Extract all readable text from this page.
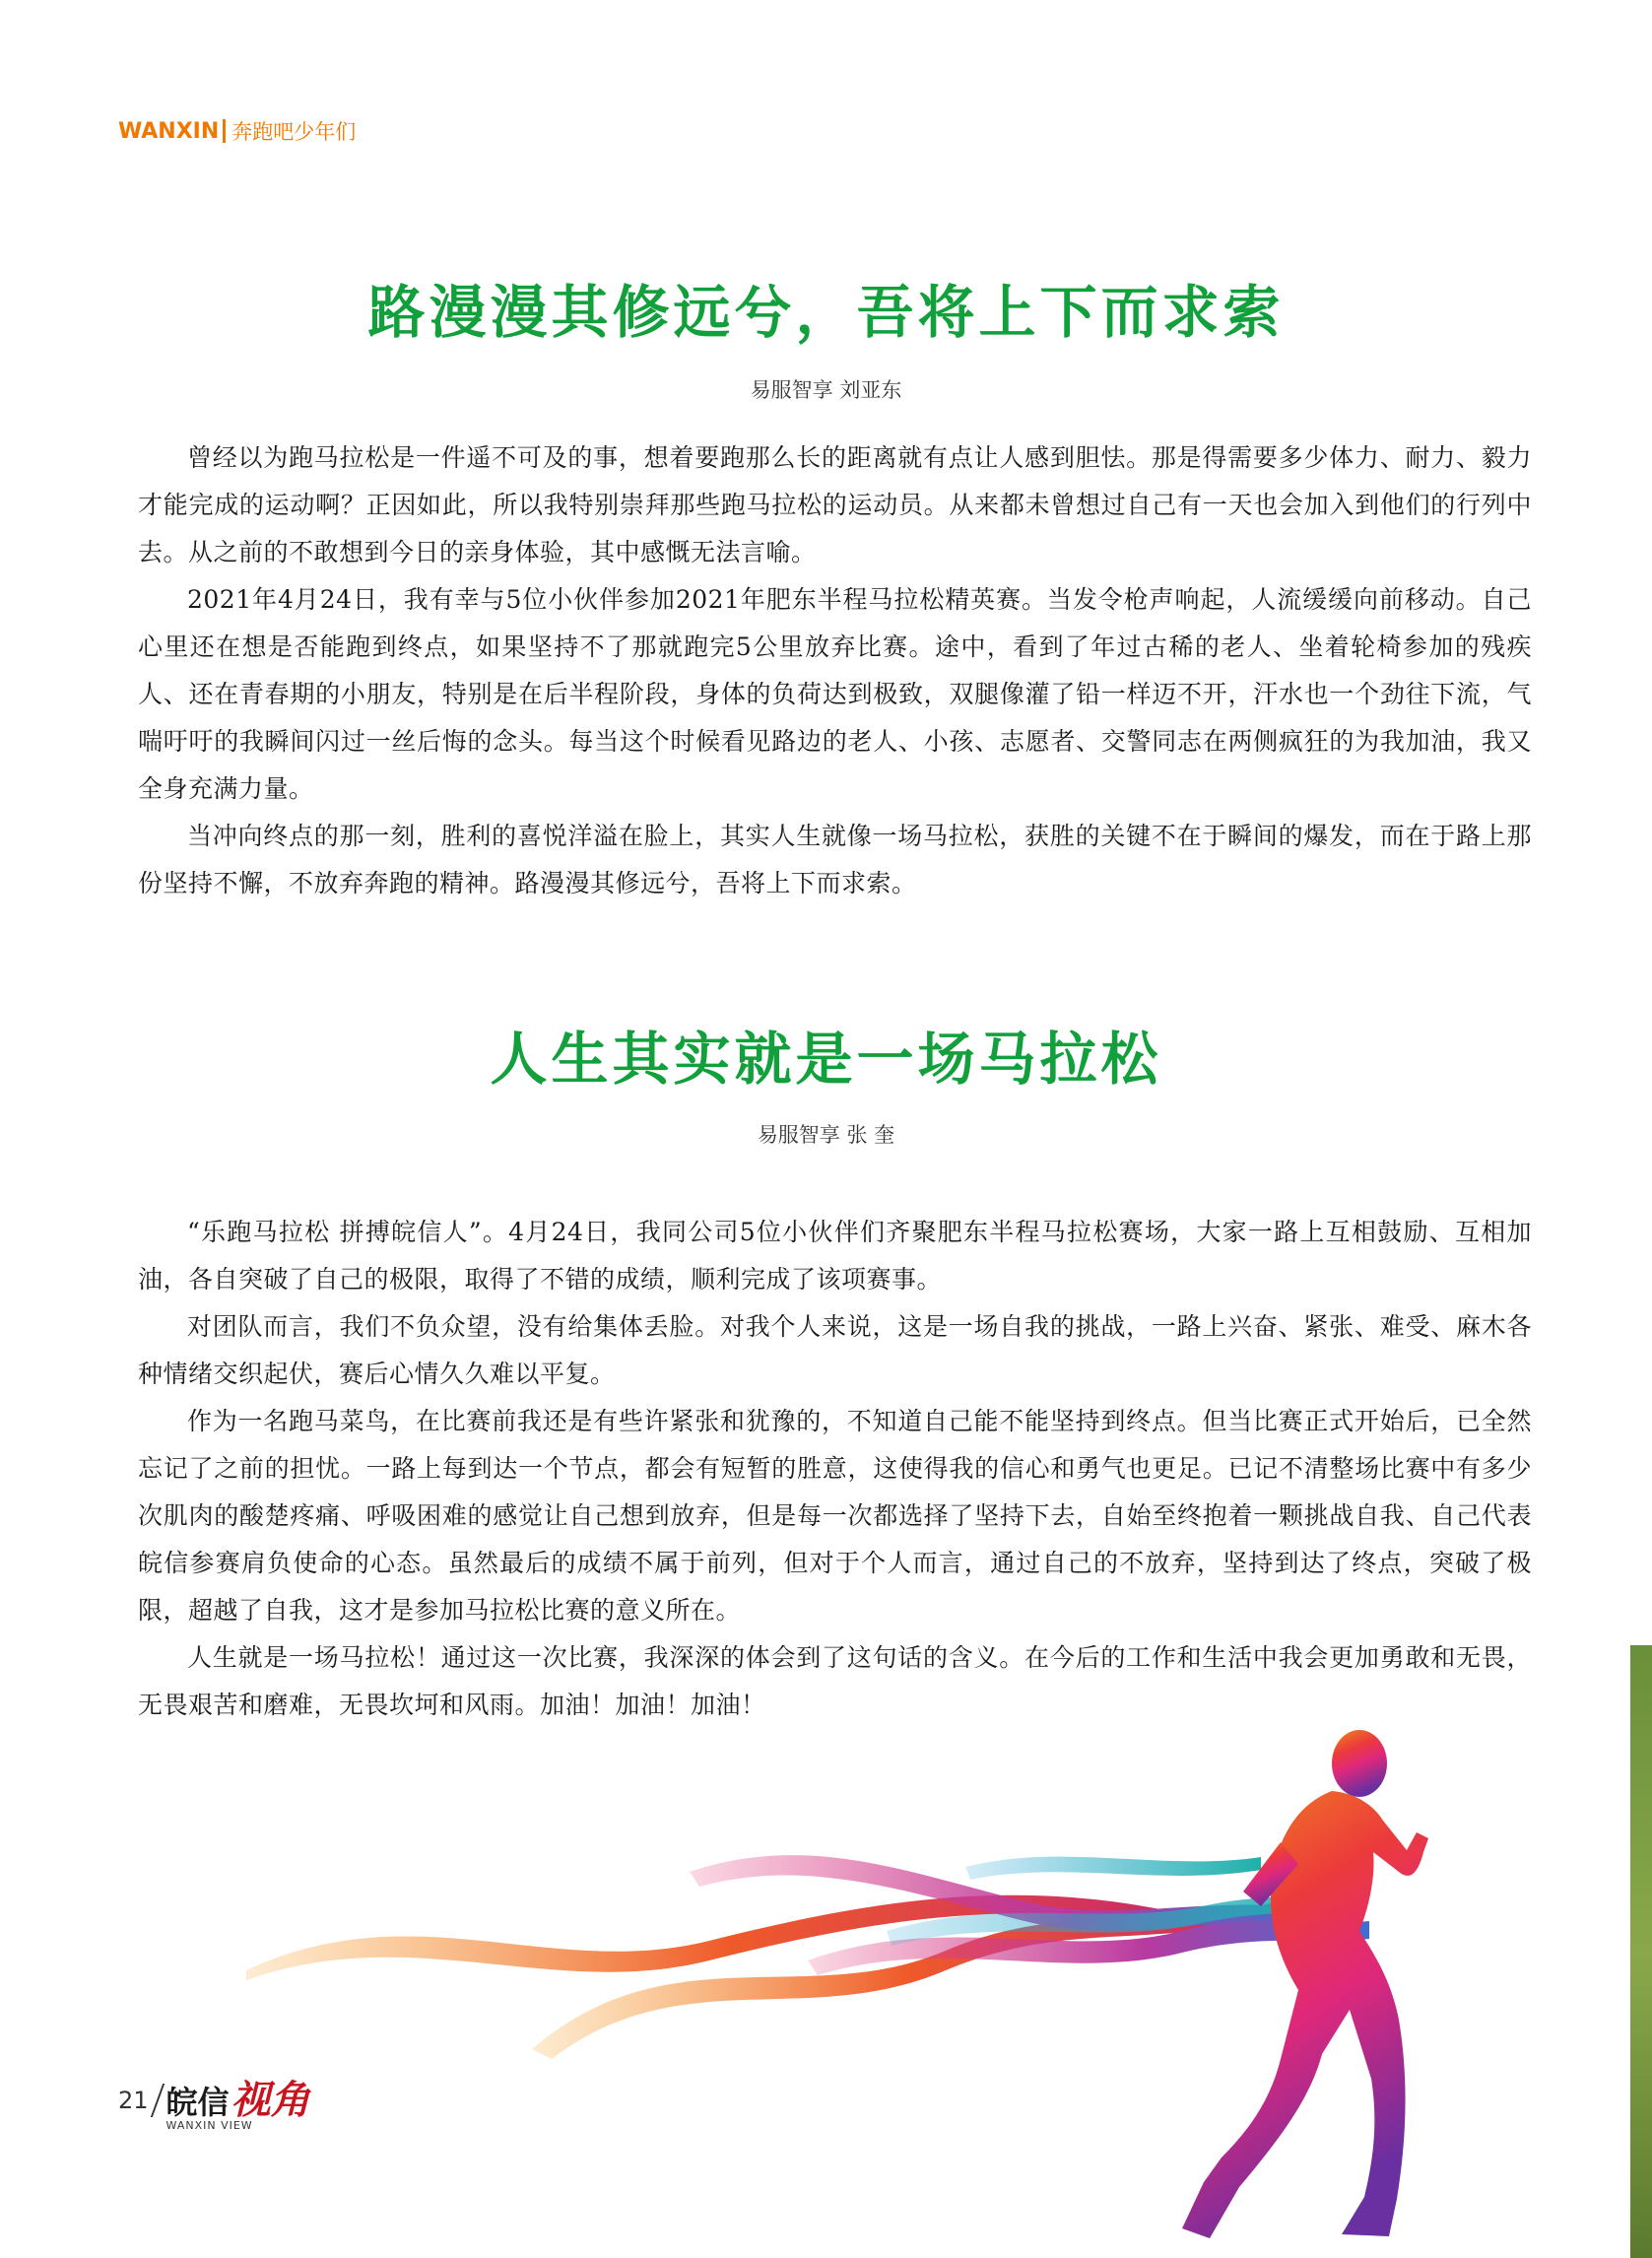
WANXIN 奔跑吧少年们
路漫漫其修远兮，吾将上下而求索
易服智享 刘亚东

曾经以为跑马拉松是一件遥不可及的事，想着要跑那么长的距离就有点让人感到胆怯。那是得需要多少体力、耐力、毅力才能完成的运动啊？正因如此，所以我特别崇拜那些跑马拉松的运动员。从来都未曾想过自己有一天也会加入到他们的行列中去。从之前的不敢想到今日的亲身体验，其中感慨无法言喻。

2021年4月24日，我有幸与5位小伙伴参加2021年肥东半程马拉松精英赛。当发令枪声响起，人流缓缓向前移动。自己心里还在想是否能跑到终点，如果坚持不了那就跑完5公里放弃比赛。途中，看到了年过古稀的老人、坐着轮椅参加的残疾人、还在青春期的小朋友，特别是在后半程阶段，身体的负荷达到极致，双腿像灌了铅一样迈不开，汗水也一个劲往下流，气喘吁吁的我瞬间闪过一丝后悔的念头。每当这个时候看见路边的老人、小孩、志愿者、交警同志在两侧疯狂的为我加油，我又全身充满力量。

当冲向终点的那一刻，胜利的喜悦洋溢在脸上，其实人生就像一场马拉松，获胜的关键不在于瞬间的爆发，而在于路上那份坚持不懈，不放弃奔跑的精神。路漫漫其修远兮，吾将上下而求索。

人生其实就是一场马拉松
易服智享 张 奎

“乐跑马拉松 拼搏皖信人”。4月24日，我同公司5位小伙伴们齐聚肥东半程马拉松赛场，大家一路上互相鼓励、互相加油，各自突破了自己的极限，取得了不错的成绩，顺利完成了该项赛事。

对团队而言，我们不负众望，没有给集体丢脸。对我个人来说，这是一场自我的挑战，一路上兴奋、紧张、难受、麻木各种情绪交织起伏，赛后心情久久难以平复。

作为一名跑马菜鸟，在比赛前我还是有些许紧张和犹豫的，不知道自己能不能坚持到终点。但当比赛正式开始后，已全然忘记了之前的担忧。一路上每到达一个节点，都会有短暂的胜意，这使得我的信心和勇气也更足。已记不清整场比赛中有多少次肌肉的酸楚疼痛、呼吸困难的感觉让自己想到放弃，但是每一次都选择了坚持下去，自始至终抱着一颗挑战自我、自己代表皖信参赛肩负使命的心态。虽然最后的成绩不属于前列，但对于个人而言，通过自己的不放弃，坚持到达了终点，突破了极限，超越了自我，这才是参加马拉松比赛的意义所在。

人生就是一场马拉松！通过这一次比赛，我深深的体会到了这句话的含义。在今后的工作和生活中我会更加勇敢和无畏，无畏艰苦和磨难，无畏坎坷和风雨。加油！加油！加油！

21 皖信 视角
WANXIN VIEW
